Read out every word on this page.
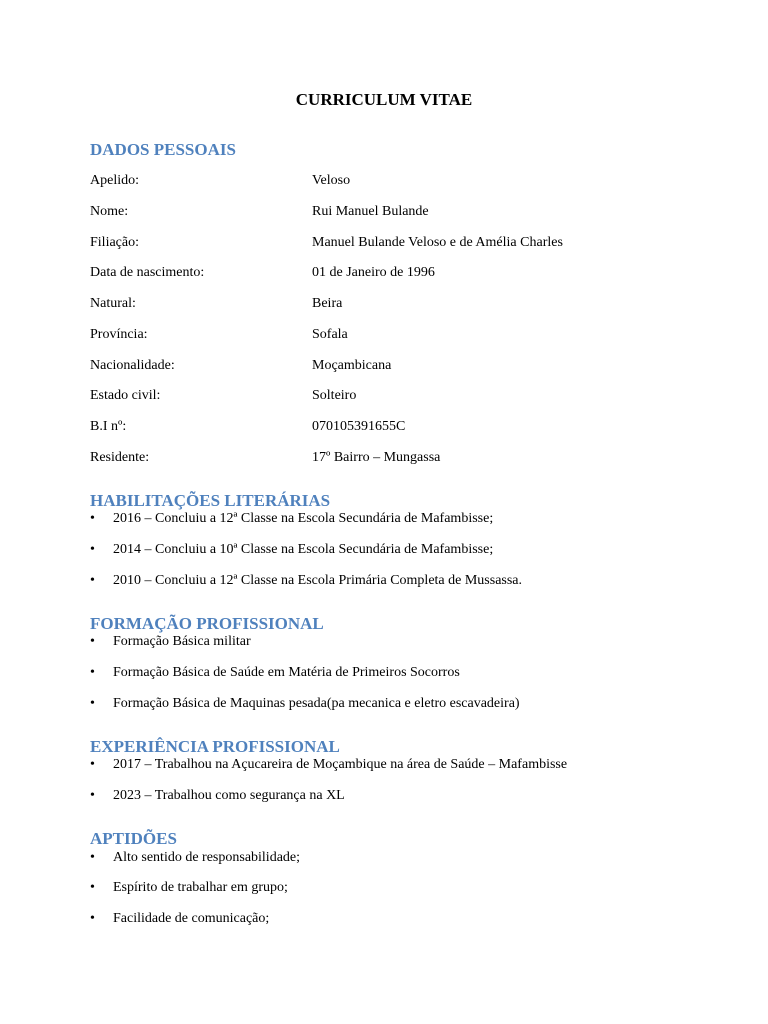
CURRICULUM VITAE
DADOS PESSOAIS
Apelido:	Veloso
Nome:	Rui Manuel Bulande
Filiação:	Manuel Bulande Veloso e de Amélia Charles
Data de nascimento:	01 de Janeiro de 1996
Natural:	Beira
Província:	Sofala
Nacionalidade:	Moçambicana
Estado civil:	Solteiro
B.I nº:	070105391655C
Residente:	17º Bairro – Mungassa
HABILITAÇÕES LITERÁRIAS
• 2016 – Concluiu a 12ª Classe na Escola Secundária de Mafambisse;
• 2014 – Concluiu a 10ª Classe na Escola Secundária de Mafambisse;
• 2010 – Concluiu a 12ª Classe na Escola Primária Completa de Mussassa.
FORMAÇÃO PROFISSIONAL
• Formação Básica militar
• Formação Básica de Saúde em Matéria de Primeiros Socorros
• Formação Básica de Maquinas pesada(pa mecanica e eletro escavadeira)
EXPERIÊNCIA PROFISSIONAL
• 2017 – Trabalhou na Açucareira de Moçambique na área de Saúde – Mafambisse
• 2023 – Trabalhou como segurança na XL
APTIDÕES
• Alto sentido de responsabilidade;
• Espírito de trabalhar em grupo;
• Facilidade de comunicação;
